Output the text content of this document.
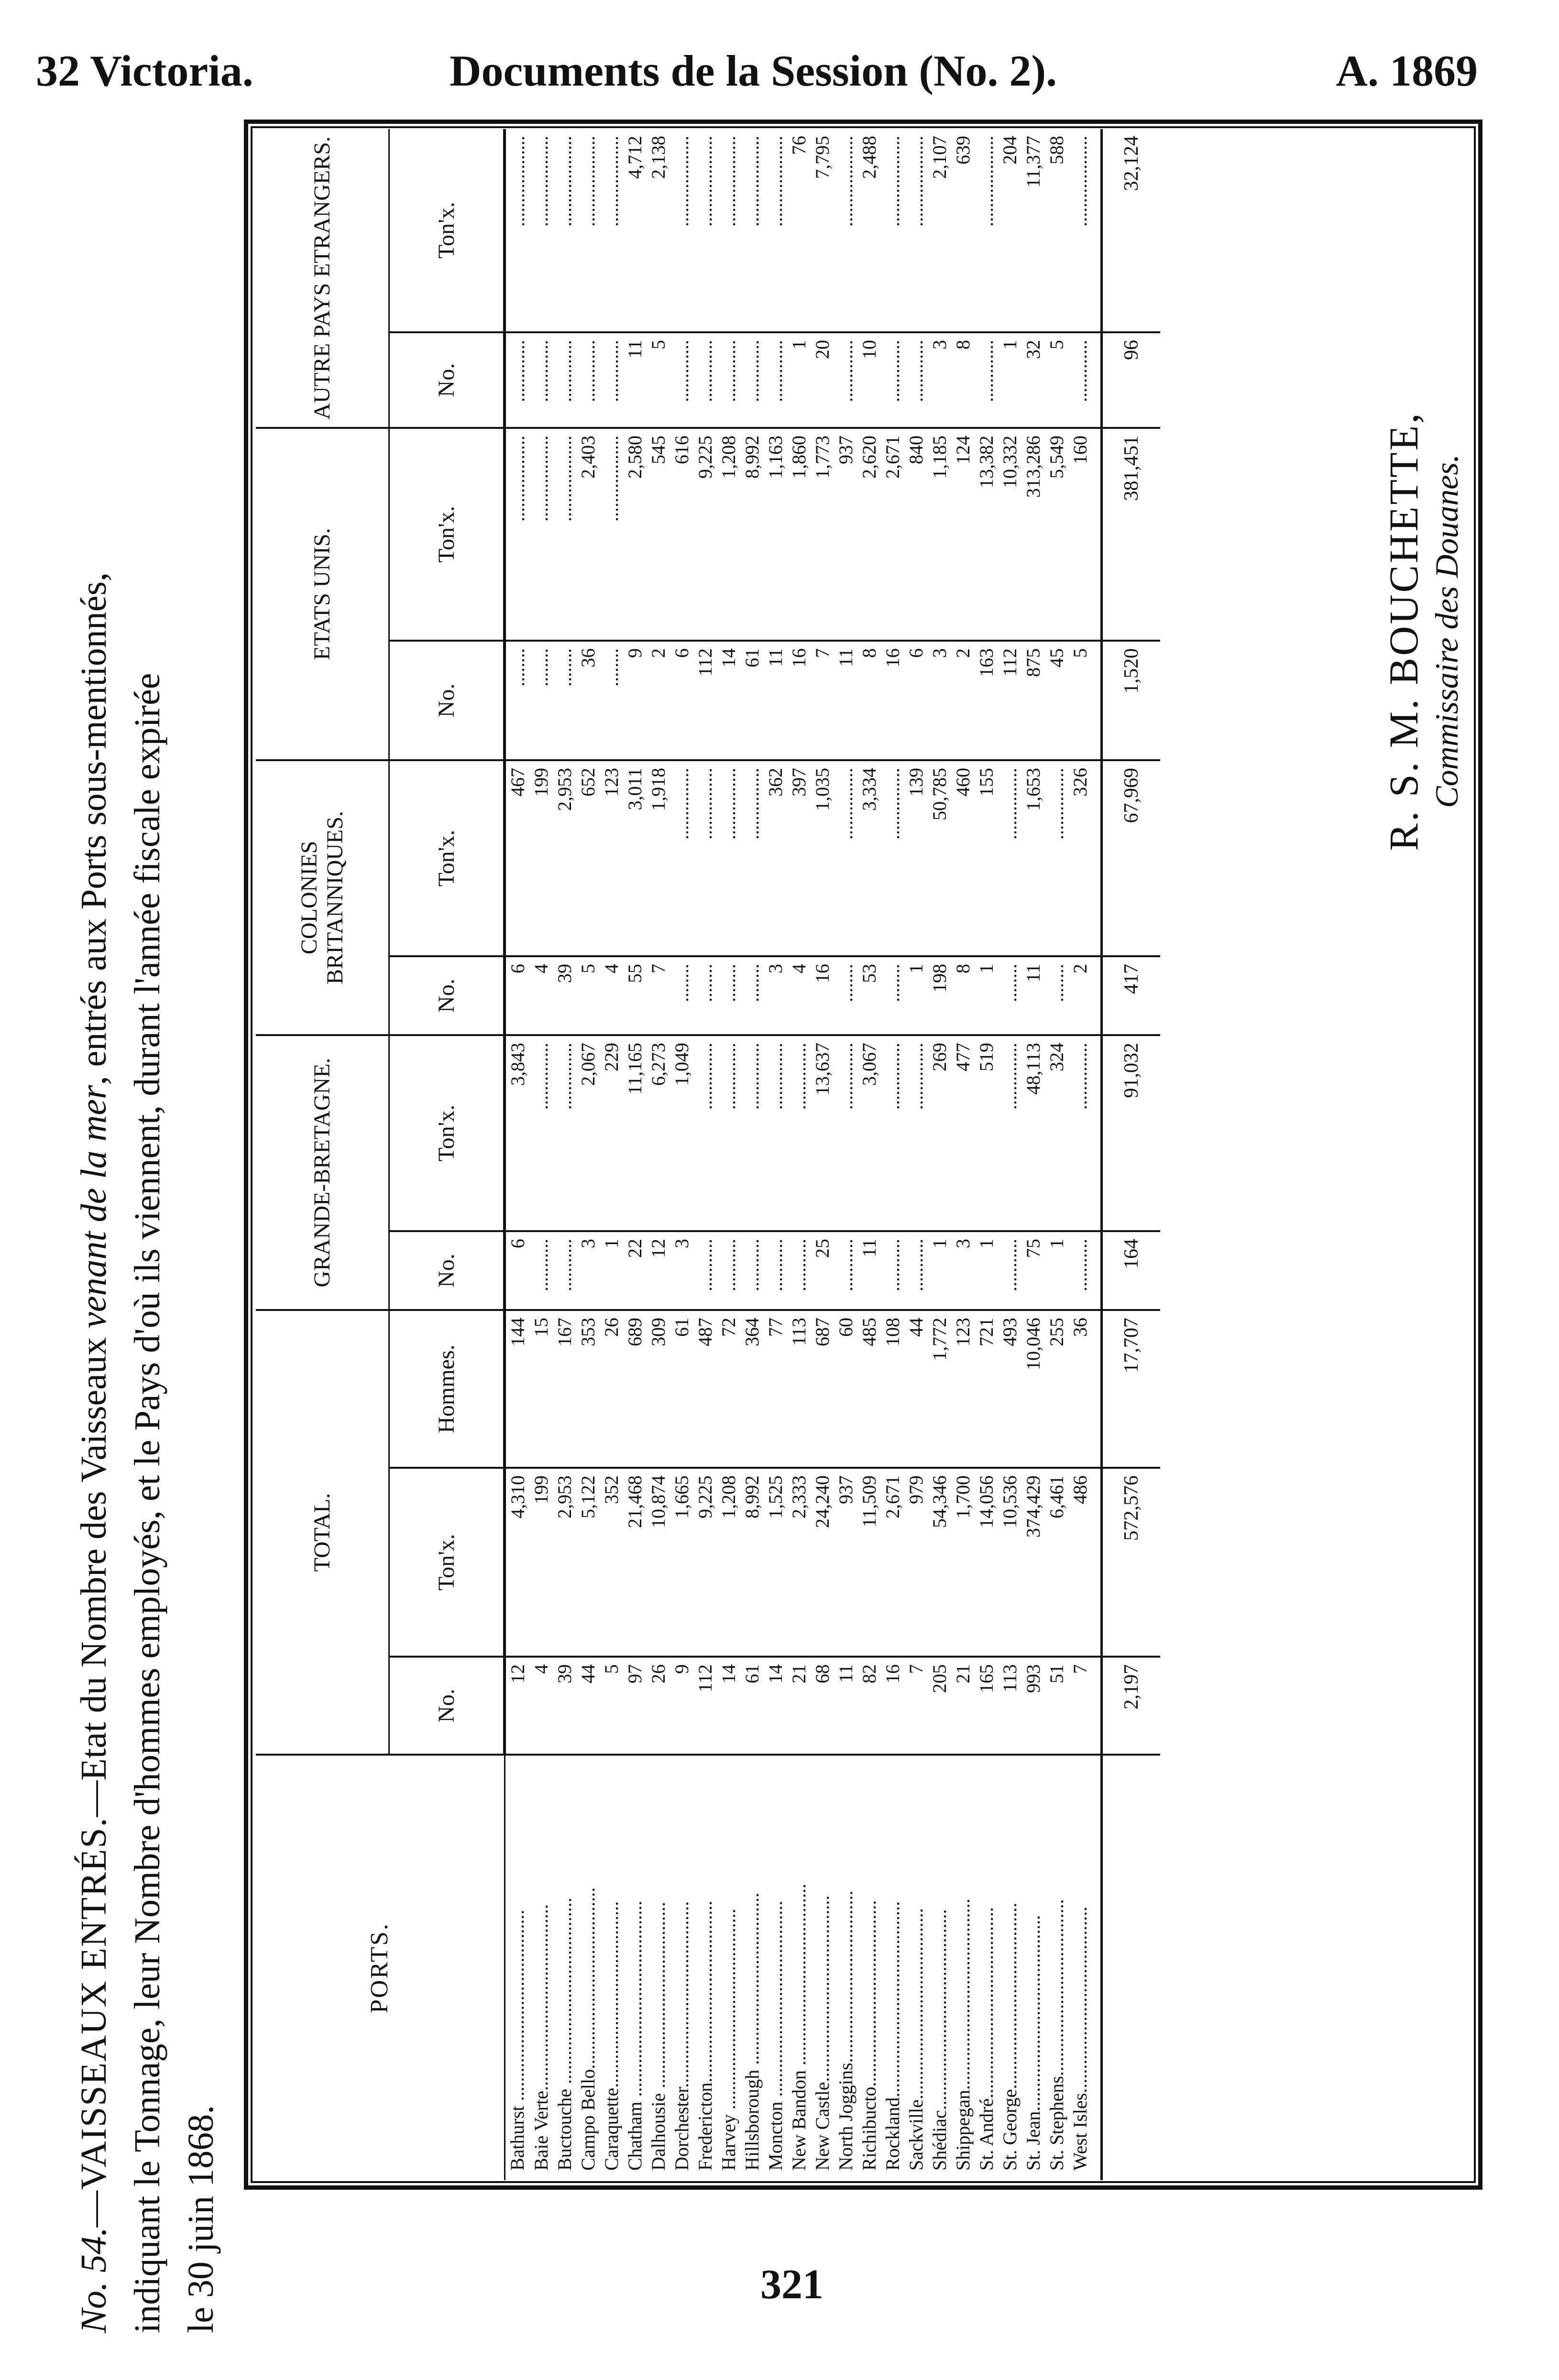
32 Victoria.	Documents de la Session (No. 2).	A. 1869
No. 54.—VAISSEAUX ENTRÉS.—Etat du Nombre des Vaisseaux venant de la mer, entrés aux Ports sous-mentionnés, indiquant le Tonnage, leur Nombre d'hommes employés, et le Pays d'où ils viennent, durant l'année fiscale expirée le 30 juin 1868.
PORTS.	TOTAL.			GRANDE-BRETAGNE.		COLONIES BRITANNIQUES.		ETATS UNIS.		AUTRE PAYS ETRANGERS.	
	No.	Ton'x.	Hommes.	No.	Ton'x.	No.	Ton'x.	No.	Ton'x.	No.	Ton'x.
Bathurst ........................................	12	4,310	144	6	3,843	6	467	........	..................	.............	...................
Baie Verte.......................................	4	199	15	...........	..............	4	199	........	..................	.............	...................
Buctouche .......................................	39	2,953	167	...........	..............	39	2,953	........	..................	.............	...................
Campo Bello......................................	44	5,122	353	3	2,067	5	652	36	2,403	.............	...................
Caraquette.......................................	5	352	26	1	229	4	123	........	..................	.............	...................
Chatham .........................................	97	21,468	689	22	11,165	55	3,011	9	2,580	11	4,712
Dalhousie .......................................	26	10,874	309	12	6,273	7	1,918	2	545	5	2,138
Dorchester.......................................	9	1,665	61	3	1,049	........	...............	6	616	.............	...................
Fredericton......................................	112	9,225	487	...........	..............	........	...............	112	9,225	.............	...................
Harvey ..........................................	14	1,208	72	...........	..............	........	...............	14	1,208	.............	...................
Hillsborough ....................................	61	8,992	364	...........	..............	........	...............	61	8,992	.............	...................
Moncton .........................................	14	1,525	77	...........	..............	3	362	11	1,163	.............	...................
New Bandon ......................................	21	2,333	113	...........	..............	4	397	16	1,860	1	76
New Castle.......................................	68	24,240	687	25	13,637	16	1,035	7	1,773	20	7,795
North Joggins....................................	11	937	60	...........	..............	........	...............	11	937	.............	...................
Richibucto.......................................	82	11,509	485	11	3,067	53	3,334	8	2,620	10	2,488
Rockland.........................................	16	2,671	108	...........	..............	........	...............	16	2,671	.............	...................
Sackville........................................	7	979	44	...........	..............	1	139	6	840	.............	...................
Shédiac..........................................	205	54,346	1,772	1	269	198	50,785	3	1,185	3	2,107
Shippegan........................................	21	1,700	123	3	477	8	460	2	124	8	639
St. André........................................	165	14,056	721	1	519	1	155	163	13,382	.............	...................
St. George.......................................	113	10,536	493	...........	..............	........	...............	112	10,332	1	204
St. Jean.........................................	993	374,429	10,046	75	48,113	11	1,653	875	313,286	32	11,377
St. Stephens.....................................	51	6,461	255	1	324	........	...............	45	5,549	5	588
West Isles.......................................	7	486	36	...........	..............	2	326	5	160	.............	...................
	2,197	572,576	17,707	164	91,032	417	67,969	1,520	381,451	96	32,124
R. S. M. BOUCHETTE, Commissaire des Douanes.
321
